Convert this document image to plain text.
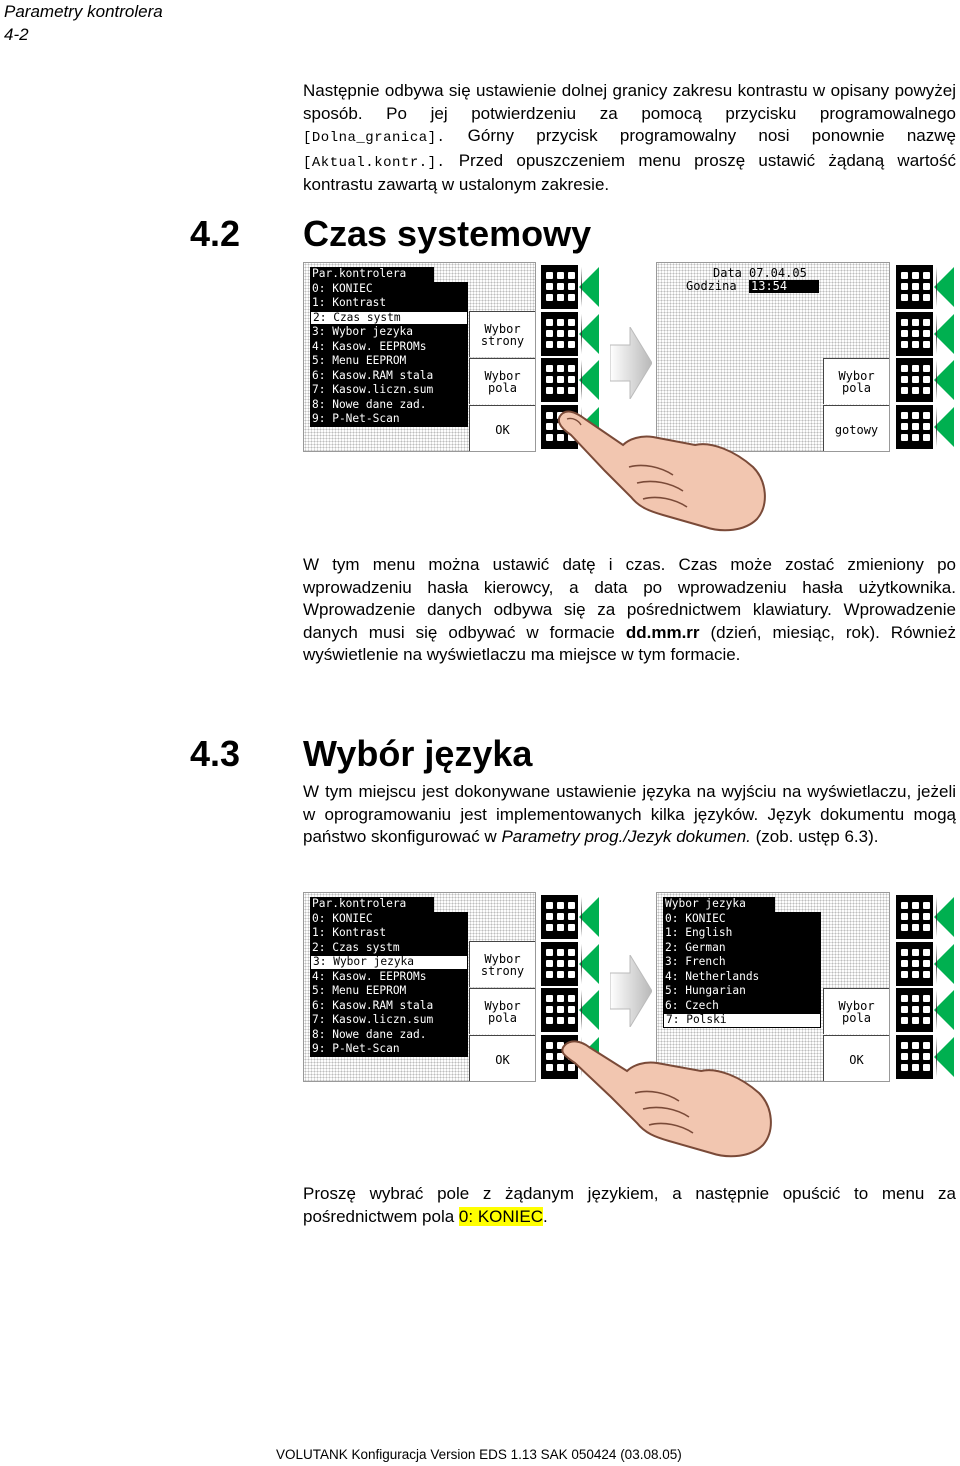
Parametry kontrolera
4-2

Następnie odbywa się ustawienie dolnej granicy zakresu kontrastu w opisany powyżej sposób. Po jej potwierdzeniu za pomocą przycisku programowalnego [Dolna_granica]. Górny przycisk programowalny nosi ponownie nazwę [Aktual.kontr.]. Przed opuszczeniem menu proszę ustawić żądaną wartość kontrastu zawartą w ustalonym zakresie.

4.2 Czas systemowy
Par.kontrolera
0: KONIEC
1: Kontrast
2: Czas systm
3: Wybor jezyka
4: Kasow. EEPROMs
5: Menu EEPROM
6: Kasow.RAM stala
7: Kasow.liczn.sum
8: Nowe dane zad.
9: P-Net-Scan
Wybor
strony
Wybor
pola
OK
Data 07.04.05
Godzina 13:54
Wybor
pola
gotowy

W tym menu można ustawić datę i czas. Czas może zostać zmieniony po wprowadzeniu hasła kierowcy, a data po wprowadzeniu hasła użytkownika. Wprowadzenie danych odbywa się za pośrednictwem klawiatury. Wprowadzenie danych musi się odbywać w formacie dd.mm.rr (dzień, miesiąc, rok). Również wyświetlenie na wyświetlaczu ma miejsce w tym formacie.

4.3 Wybór języka

W tym miejscu jest dokonywane ustawienie języka na wyjściu na wyświetlaczu, jeżeli w oprogramowaniu jest implementowanych kilka języków. Język dokumentu mogą państwo skonfigurować w Parametry prog./Jezyk dokumen. (zob. ustęp 6.3).

Par.kontrolera
0: KONIEC
1: Kontrast
2: Czas systm
3: Wybor jezyka
4: Kasow. EEPROMs
5: Menu EEPROM
6: Kasow.RAM stala
7: Kasow.liczn.sum
8: Nowe dane zad.
9: P-Net-Scan
Wybor
strony
Wybor
pola
OK
Wybor jezyka
0: KONIEC
1: English
2: German
3: French
4: Netherlands
5: Hungarian
6: Czech
7: Polski
Wybor
pola
OK

Proszę wybrać pole z żądanym językiem, a następnie opuścić to menu za pośrednictwem pola 0: KONIEC.

VOLUTANK Konfiguracja Version EDS 1.13 SAK 050424 (03.08.05)
